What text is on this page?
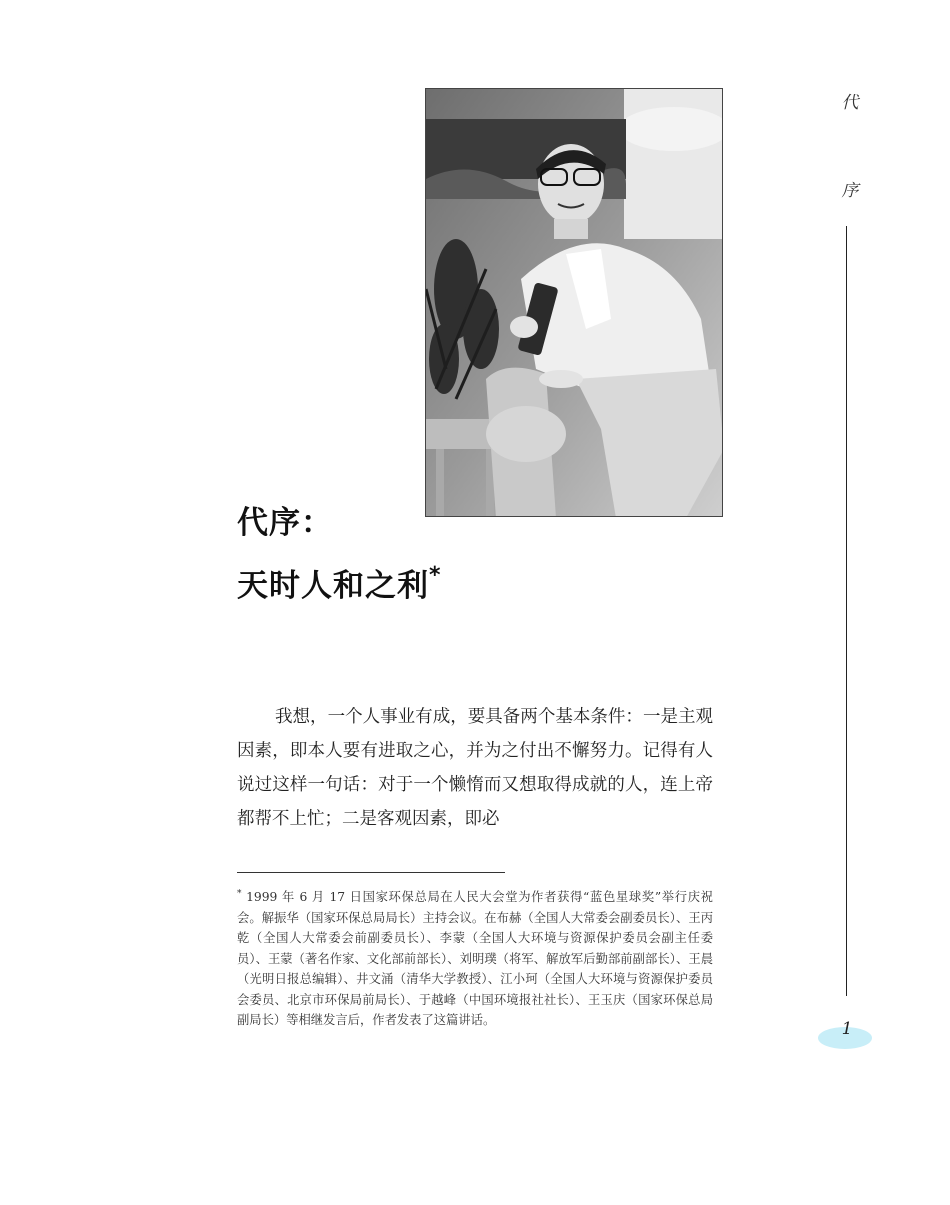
代
序
1
代序：
天时人和之利*
我想，一个人事业有成，要具备两个基本条件：一是主观因素，即本人要有进取之心，并为之付出不懈努力。记得有人说过这样一句话：对于一个懒惰而又想取得成就的人，连上帝都帮不上忙；二是客观因素，即必
* 1999 年 6 月 17 日国家环保总局在人民大会堂为作者获得“蓝色星球奖”举行庆祝会。解振华（国家环保总局局长）主持会议。在布赫（全国人大常委会副委员长）、王丙乾（全国人大常委会前副委员长）、李蒙（全国人大环境与资源保护委员会副主任委员）、王蒙（著名作家、文化部前部长）、刘明璞（将军、解放军后勤部前副部长）、王晨（光明日报总编辑）、井文涌（清华大学教授）、江小珂（全国人大环境与资源保护委员会委员、北京市环保局前局长）、于越峰（中国环境报社社长）、王玉庆（国家环保总局副局长）等相继发言后，作者发表了这篇讲话。
